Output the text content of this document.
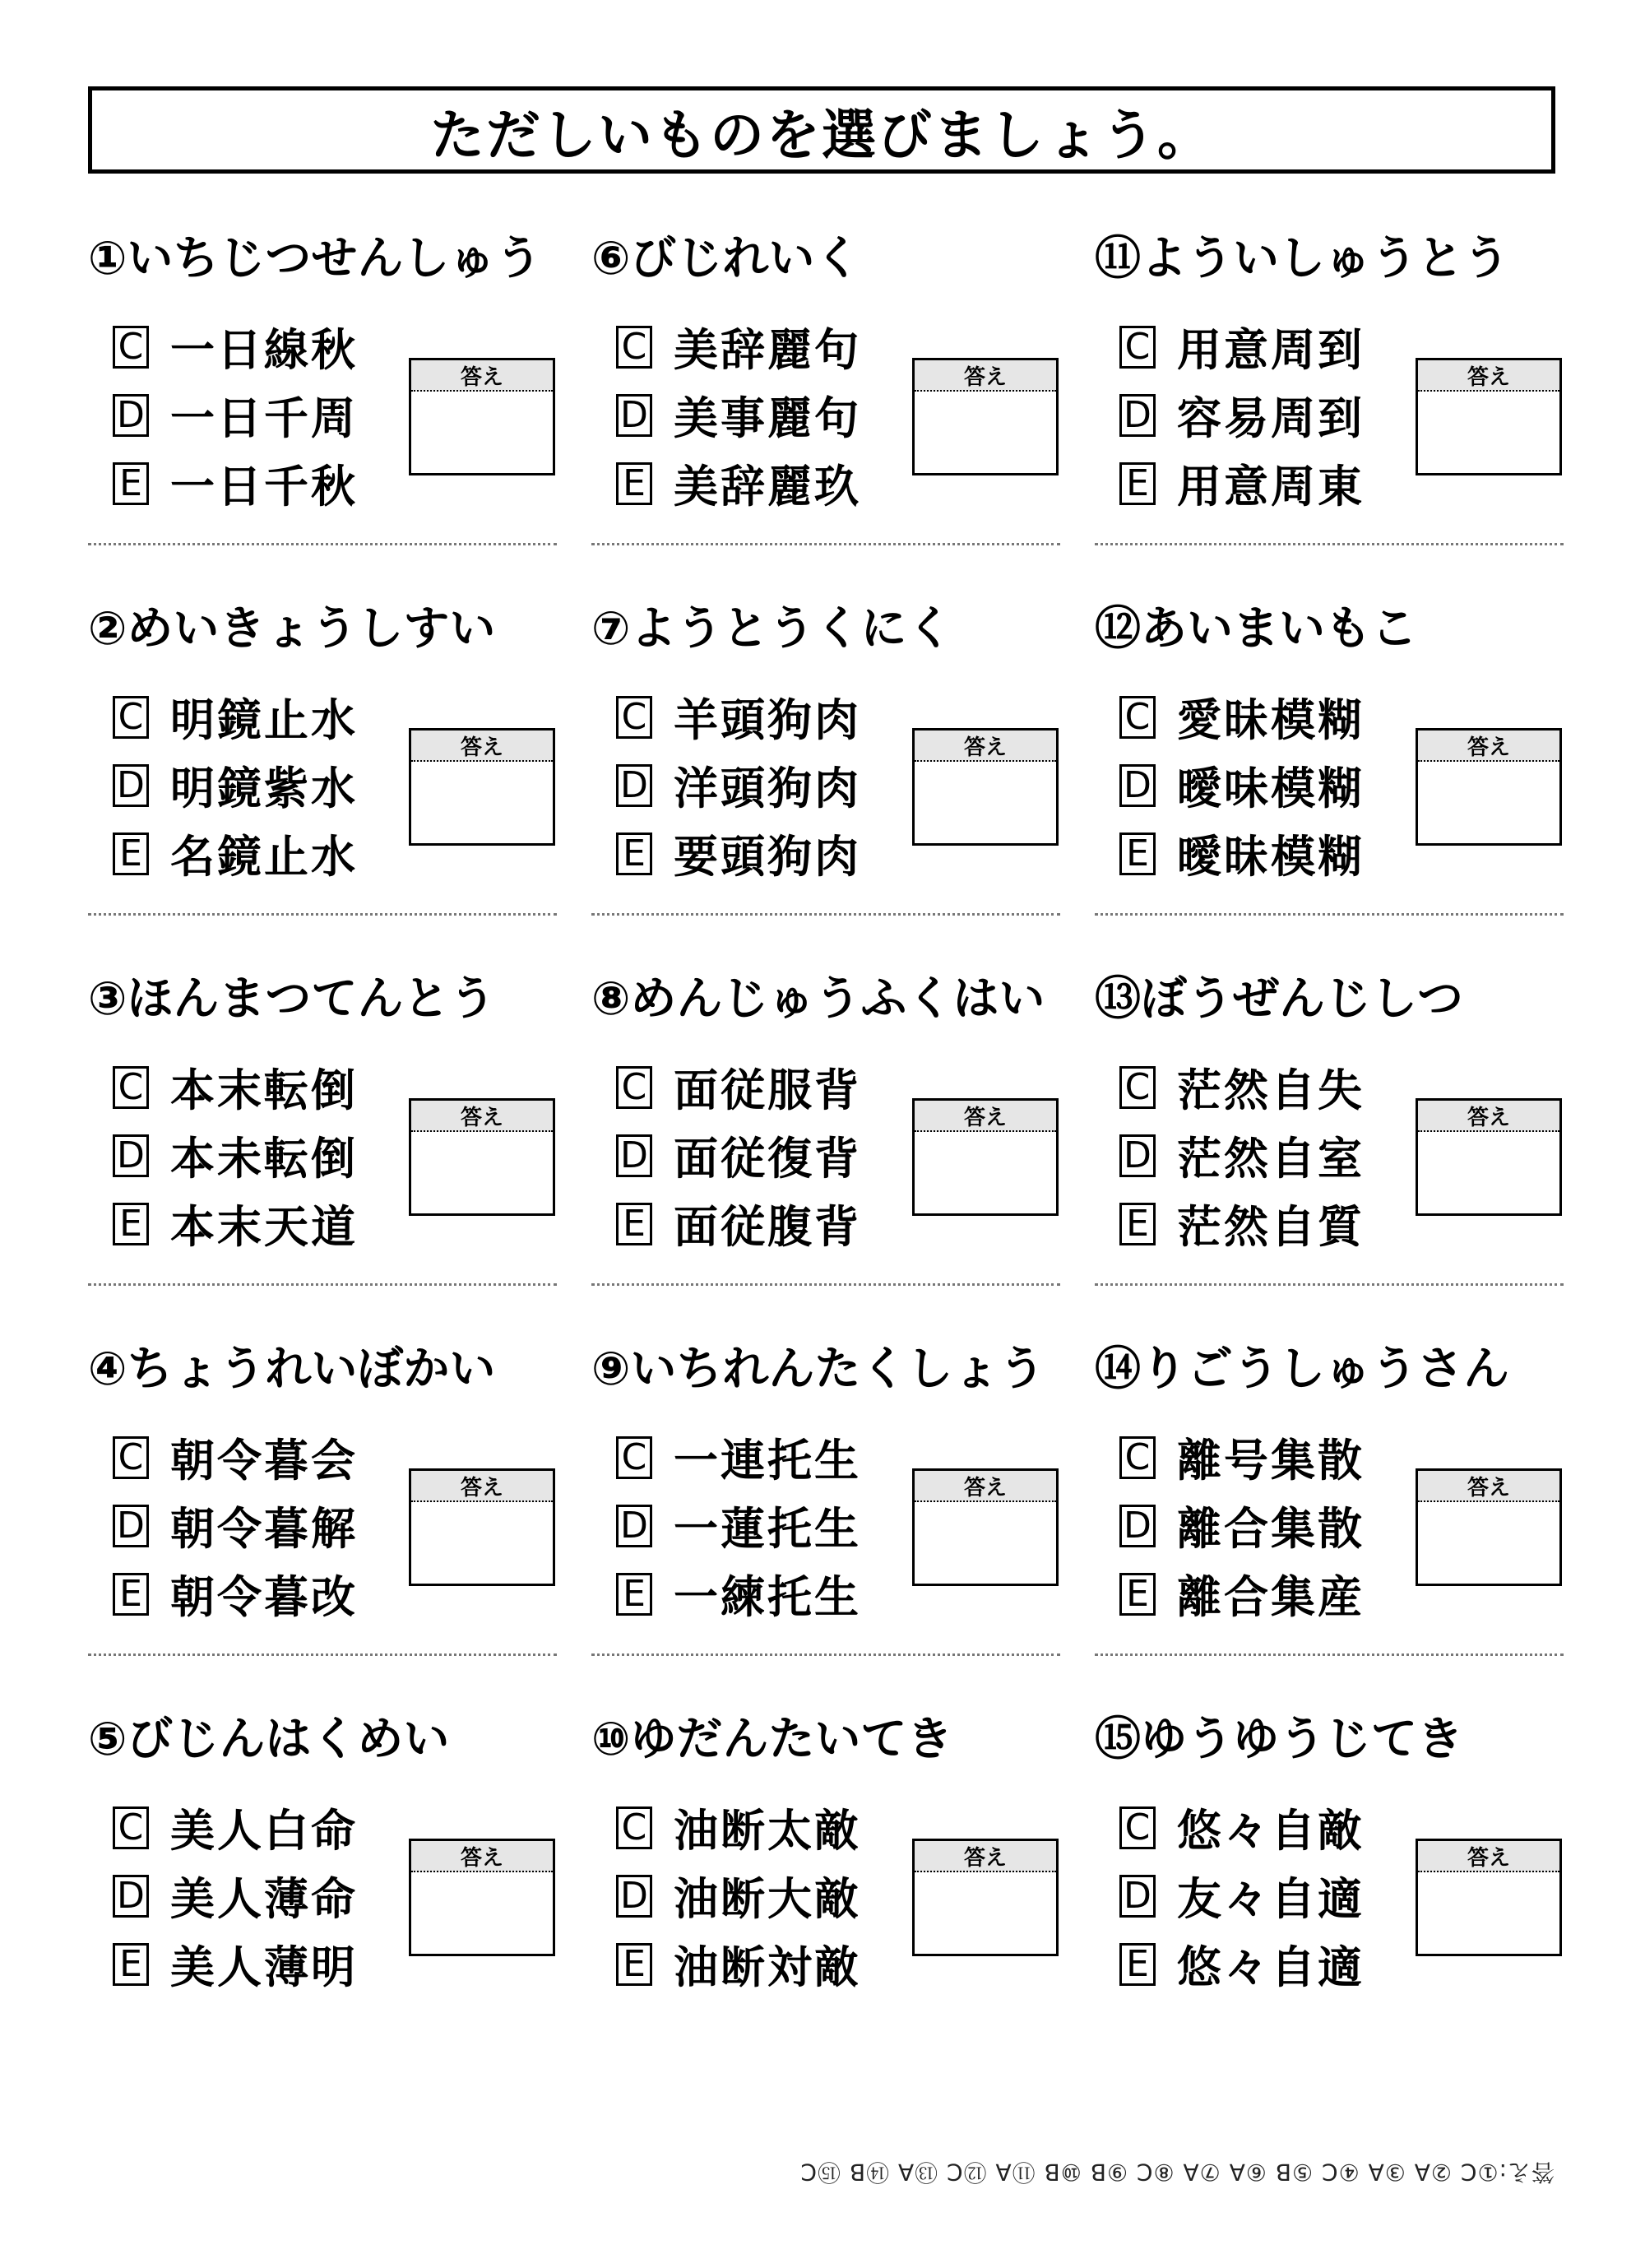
ただしいものを選びましょう。
①いちじつせんしゅう
C 一日線秋
D 一日千周
E 一日千秋
答え
②めいきょうしすい
C 明鏡止水
D 明鏡紫水
E 名鏡止水
答え
③ほんまつてんとう
C 本末転倒
D 本未転倒
E 本末天道
答え
④ちょうれいぼかい
C 朝令暮会
D 朝令暮解
E 朝令暮改
答え
⑤びじんはくめい
C 美人白命
D 美人薄命
E 美人薄明
答え
⑥びじれいく
C 美辞麗句
D 美事麗句
E 美辞麗玖
答え
⑦ようとうくにく
C 羊頭狗肉
D 洋頭狗肉
E 要頭狗肉
答え
⑧めんじゅうふくはい
C 面従服背
D 面従復背
E 面従腹背
答え
⑨いちれんたくしょう
C 一連托生
D 一蓮托生
E 一練托生
答え
⑩ゆだんたいてき
C 油断太敵
D 油断大敵
E 油断対敵
答え
⑪よういしゅうとう
C 用意周到
D 容易周到
E 用意周東
答え
⑫あいまいもこ
C 愛昧模糊
D 曖味模糊
E 曖昧模糊
答え
⑬ぼうぜんじしつ
C 茫然自失
D 茫然自室
E 茫然自質
答え
⑭りごうしゅうさん
C 離号集散
D 離合集散
E 離合集産
答え
⑮ゆうゆうじてき
C 悠々自敵
D 友々自適
E 悠々自適
答え
答え:①C ②A ③A ④C ⑤B ⑥A ⑦A ⑧C ⑨B ⑩B ⑪A ⑫C ⑬A ⑭B ⑮C
